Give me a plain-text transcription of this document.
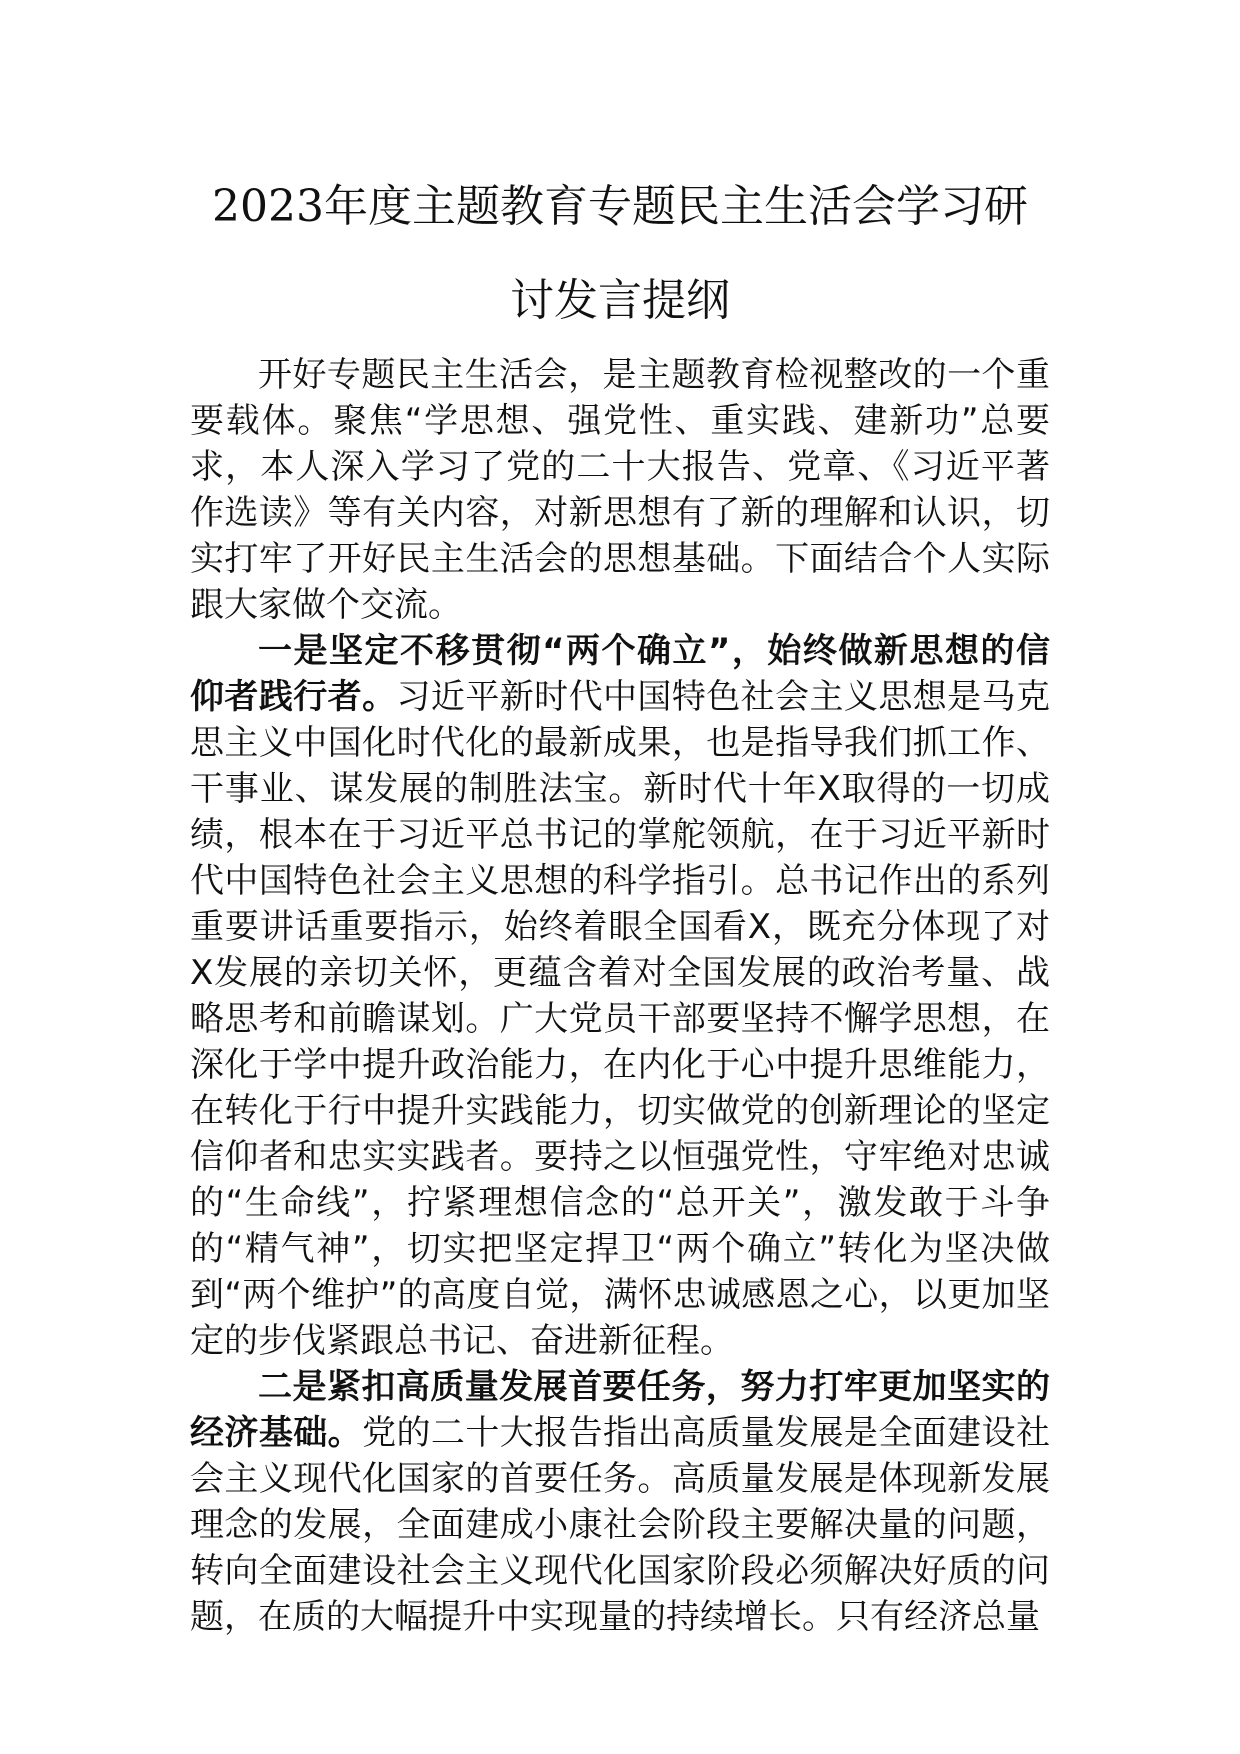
2023年度主题教育专题民主生活会学习研
讨发言提纲

开好专题民主生活会，是主题教育检视整改的一个重要载体。聚焦“学思想、强党性、重实践、建新功”总要求，本人深入学习了党的二十大报告、党章、《习近平著作选读》等有关内容，对新思想有了新的理解和认识，切实打牢了开好民主生活会的思想基础。下面结合个人实际跟大家做个交流。

一是坚定不移贯彻“两个确立”，始终做新思想的信仰者践行者。习近平新时代中国特色社会主义思想是马克思主义中国化时代化的最新成果，也是指导我们抓工作、干事业、谋发展的制胜法宝。新时代十年X取得的一切成绩，根本在于习近平总书记的掌舵领航，在于习近平新时代中国特色社会主义思想的科学指引。总书记作出的系列重要讲话重要指示，始终着眼全国看X，既充分体现了对X发展的亲切关怀，更蕴含着对全国发展的政治考量、战略思考和前瞻谋划。广大党员干部要坚持不懈学思想，在深化于学中提升政治能力，在内化于心中提升思维能力，在转化于行中提升实践能力，切实做党的创新理论的坚定信仰者和忠实实践者。要持之以恒强党性，守牢绝对忠诚的“生命线”，拧紧理想信念的“总开关”，激发敢于斗争的“精气神”，切实把坚定捍卫“两个确立”转化为坚决做到“两个维护”的高度自觉，满怀忠诚感恩之心，以更加坚定的步伐紧跟总书记、奋进新征程。

二是紧扣高质量发展首要任务，努力打牢更加坚实的经济基础。党的二十大报告指出高质量发展是全面建设社会主义现代化国家的首要任务。高质量发展是体现新发展理念的发展，全面建成小康社会阶段主要解决量的问题，转向全面建设社会主义现代化国家阶段必须解决好质的问题，在质的大幅提升中实现量的持续增长。只有经济总量
